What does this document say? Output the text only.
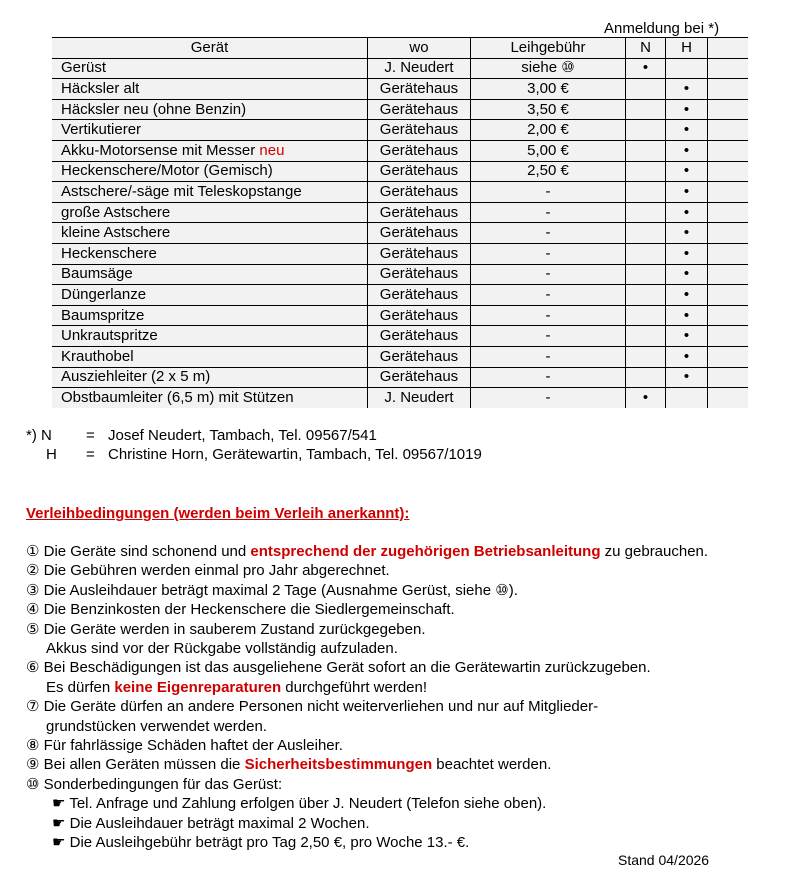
Anmeldung bei *)
Gerät	wo	Leihgebühr	N	H	
Gerüst	J. Neudert	siehe ⑩	•		
Häcksler alt	Gerätehaus	3,00 €		•	
Häcksler neu (ohne Benzin)	Gerätehaus	3,50 €		•	
Vertikutierer	Gerätehaus	2,00 €		•	
Akku-Motorsense mit Messer neu	Gerätehaus	5,00 €		•	
Heckenschere/Motor (Gemisch)	Gerätehaus	2,50 €		•	
Astschere/-säge mit Teleskopstange	Gerätehaus	-		•	
große Astschere	Gerätehaus	-		•	
kleine Astschere	Gerätehaus	-		•	
Heckenschere	Gerätehaus	-		•	
Baumsäge	Gerätehaus	-		•	
Düngerlanze	Gerätehaus	-		•	
Baumspritze	Gerätehaus	-		•	
Unkrautspritze	Gerätehaus	-		•	
Krauthobel	Gerätehaus	-		•	
Ausziehleiter (2 x 5 m)	Gerätehaus	-		•	
Obstbaumleiter (6,5 m) mit Stützen	J. Neudert	-	•		
*) N	= Josef Neudert, Tambach, Tel. 09567/541
H	= Christine Horn, Gerätewartin, Tambach, Tel. 09567/1019
Verleihbedingungen (werden beim Verleih anerkannt):

① Die Geräte sind schonend und entsprechend der zugehörigen Betriebsanleitung zu gebrauchen.

② Die Gebühren werden einmal pro Jahr abgerechnet.

③ Die Ausleihdauer beträgt maximal 2 Tage (Ausnahme Gerüst, siehe ⑩).

④ Die Benzinkosten der Heckenschere die Siedlergemeinschaft.

⑤ Die Geräte werden in sauberem Zustand zurückgegeben.

Akkus sind vor der Rückgabe vollständig aufzuladen.

⑥ Bei Beschädigungen ist das ausgeliehene Gerät sofort an die Gerätewartin zurückzugeben.

Es dürfen keine Eigenreparaturen durchgeführt werden!

⑦ Die Geräte dürfen an andere Personen nicht weiterverliehen und nur auf Mitglieder-

grundstücken verwendet werden.

⑧ Für fahrlässige Schäden haftet der Ausleiher.

⑨ Bei allen Geräten müssen die Sicherheitsbestimmungen beachtet werden.

⑩ Sonderbedingungen für das Gerüst:

☛ Tel. Anfrage und Zahlung erfolgen über J. Neudert (Telefon siehe oben).

☛ Die Ausleihdauer beträgt maximal 2 Wochen.

☛ Die Ausleihgebühr beträgt pro Tag 2,50 €, pro Woche 13.- €.

Stand 04/2026
